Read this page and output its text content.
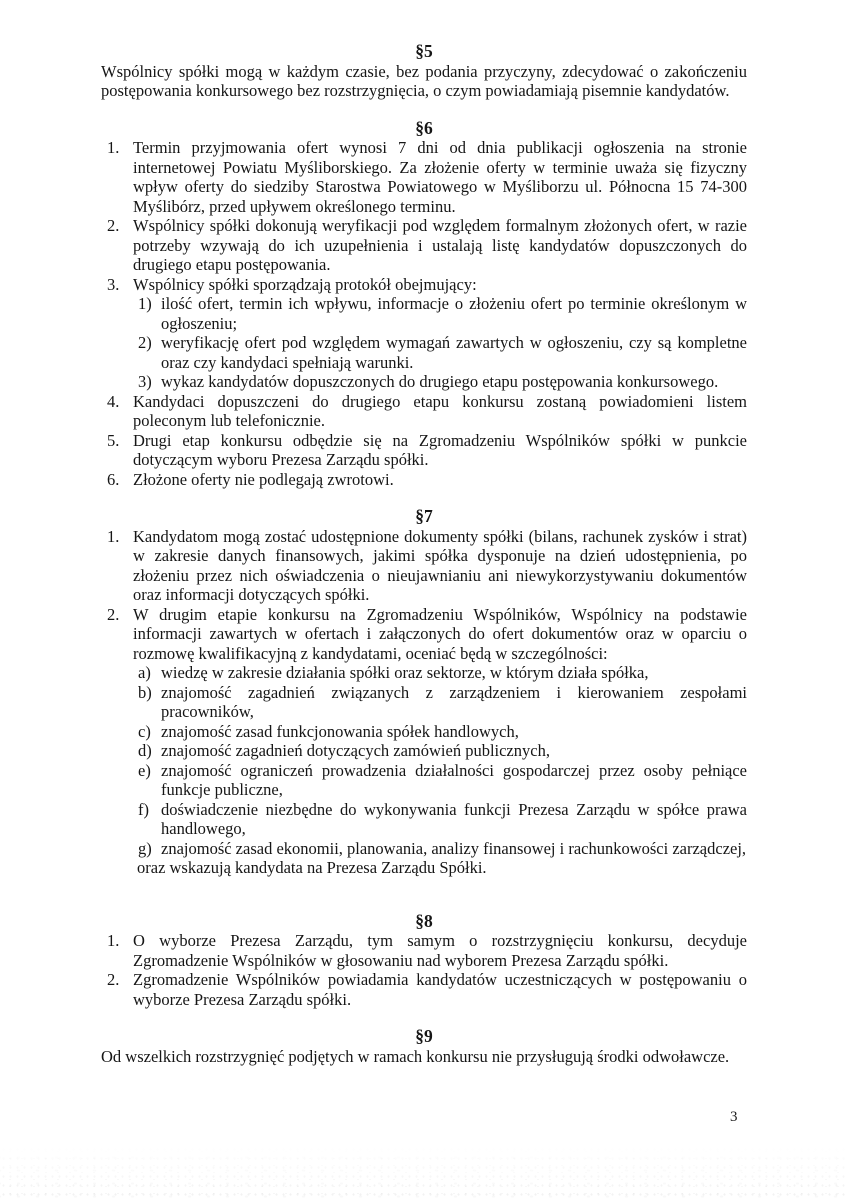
§5

Wspólnicy spółki mogą w każdym czasie, bez podania przyczyny, zdecydować o zakończeniu postępowania konkursowego bez rozstrzygnięcia, o czym powiadamiają pisemnie kandydatów.

§6
1. Termin przyjmowania ofert wynosi 7 dni od dnia publikacji ogłoszenia na stronie internetowej Powiatu Myśliborskiego. Za złożenie oferty w terminie uważa się fizyczny wpływ oferty do siedziby Starostwa Powiatowego w Myśliborzu ul. Północna 15 74-300 Myślibórz, przed upływem określonego terminu.
2. Wspólnicy spółki dokonują weryfikacji pod względem formalnym złożonych ofert, w razie potrzeby wzywają do ich uzupełnienia i ustalają listę kandydatów dopuszczonych do drugiego etapu postępowania.
3. Wspólnicy spółki sporządzają protokół obejmujący:
1) ilość ofert, termin ich wpływu, informacje o złożeniu ofert po terminie określonym w ogłoszeniu;
2) weryfikację ofert pod względem wymagań zawartych w ogłoszeniu, czy są kompletne oraz czy kandydaci spełniają warunki.
3) wykaz kandydatów dopuszczonych do drugiego etapu postępowania konkursowego.
4. Kandydaci dopuszczeni do drugiego etapu konkursu zostaną powiadomieni listem poleconym lub telefonicznie.
5. Drugi etap konkursu odbędzie się na Zgromadzeniu Wspólników spółki w punkcie dotyczącym wyboru Prezesa Zarządu spółki.
6. Złożone oferty nie podlegają zwrotowi.
§7
1. Kandydatom mogą zostać udostępnione dokumenty spółki (bilans, rachunek zysków i strat) w zakresie danych finansowych, jakimi spółka dysponuje na dzień udostępnienia, po złożeniu przez nich oświadczenia o nieujawnianiu ani niewykorzystywaniu dokumentów oraz informacji dotyczących spółki.
2. W drugim etapie konkursu na Zgromadzeniu Wspólników, Wspólnicy na podstawie informacji zawartych w ofertach i załączonych do ofert dokumentów oraz w oparciu o rozmowę kwalifikacyjną z kandydatami, oceniać będą w szczególności:
a) wiedzę w zakresie działania spółki oraz sektorze, w którym działa spółka,
b) znajomość zagadnień związanych z zarządzeniem i kierowaniem zespołami pracowników,
c) znajomość zasad funkcjonowania spółek handlowych,
d) znajomość zagadnień dotyczących zamówień publicznych,
e) znajomość ograniczeń prowadzenia działalności gospodarczej przez osoby pełniące funkcje publiczne,
f) doświadczenie niezbędne do wykonywania funkcji Prezesa Zarządu w spółce prawa handlowego,
g) znajomość zasad ekonomii, planowania, analizy finansowej i rachunkowości zarządczej,

oraz wskazują kandydata na Prezesa Zarządu Spółki.

§8
1. O wyborze Prezesa Zarządu, tym samym o rozstrzygnięciu konkursu, decyduje Zgromadzenie Wspólników w głosowaniu nad wyborem Prezesa Zarządu spółki.
2. Zgromadzenie Wspólników powiadamia kandydatów uczestniczących w postępowaniu o wyborze Prezesa Zarządu spółki.
§9

Od wszelkich rozstrzygnięć podjętych w ramach konkursu nie przysługują środki odwoławcze.

3
